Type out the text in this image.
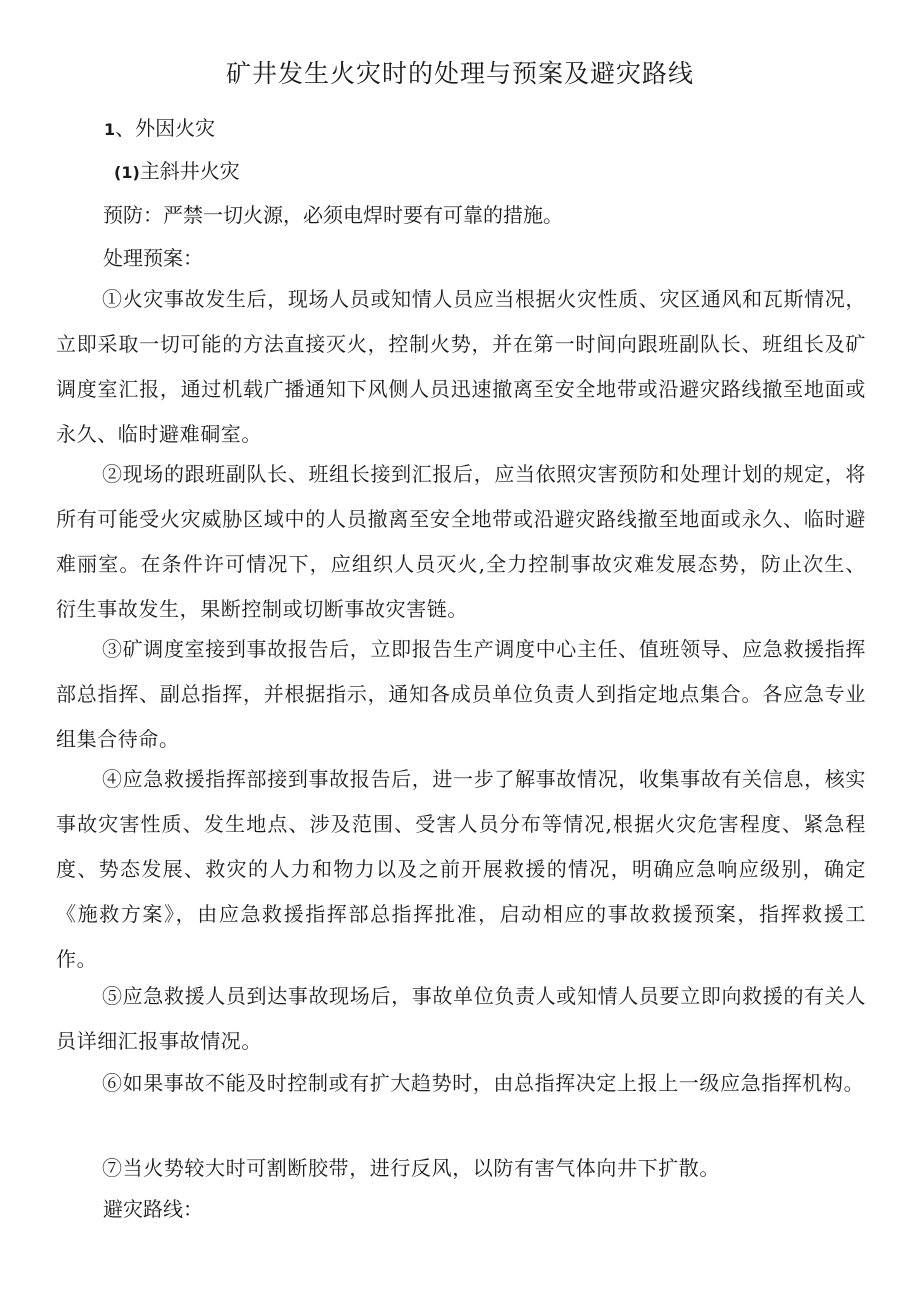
矿井发生火灾时的处理与预案及避灾路线
1、外因火灾
(1)主斜井火灾
预防：严禁一切火源，必须电焊时要有可靠的措施。
处理预案：
①火灾事故发生后，现场人员或知情人员应当根据火灾性质、灾区通风和瓦斯情况，立即采取一切可能的方法直接灭火，控制火势，并在第一时间向跟班副队长、班组长及矿调度室汇报，通过机载广播通知下风侧人员迅速撤离至安全地带或沿避灾路线撤至地面或永久、临时避难硐室。
②现场的跟班副队长、班组长接到汇报后，应当依照灾害预防和处理计划的规定，将所有可能受火灾威胁区域中的人员撤离至安全地带或沿避灾路线撤至地面或永久、临时避难丽室。在条件许可情况下，应组织人员灭火,全力控制事故灾难发展态势，防止次生、衍生事故发生，果断控制或切断事故灾害链。
③矿调度室接到事故报告后，立即报告生产调度中心主任、值班领导、应急救援指挥部总指挥、副总指挥，并根据指示，通知各成员单位负责人到指定地点集合。各应急专业组集合待命。
④应急救援指挥部接到事故报告后，进一步了解事故情况，收集事故有关信息，核实事故灾害性质、发生地点、涉及范围、受害人员分布等情况,根据火灾危害程度、紧急程度、势态发展、救灾的人力和物力以及之前开展救援的情况，明确应急响应级别，确定《施救方案》，由应急救援指挥部总指挥批准，启动相应的事故救援预案，指挥救援工作。
⑤应急救援人员到达事故现场后，事故单位负责人或知情人员要立即向救援的有关人员详细汇报事故情况。
⑥如果事故不能及时控制或有扩大趋势时，由总指挥决定上报上一级应急指挥机构。
⑦当火势较大时可割断胶带，进行反风，以防有害气体向井下扩散。
避灾路线：
